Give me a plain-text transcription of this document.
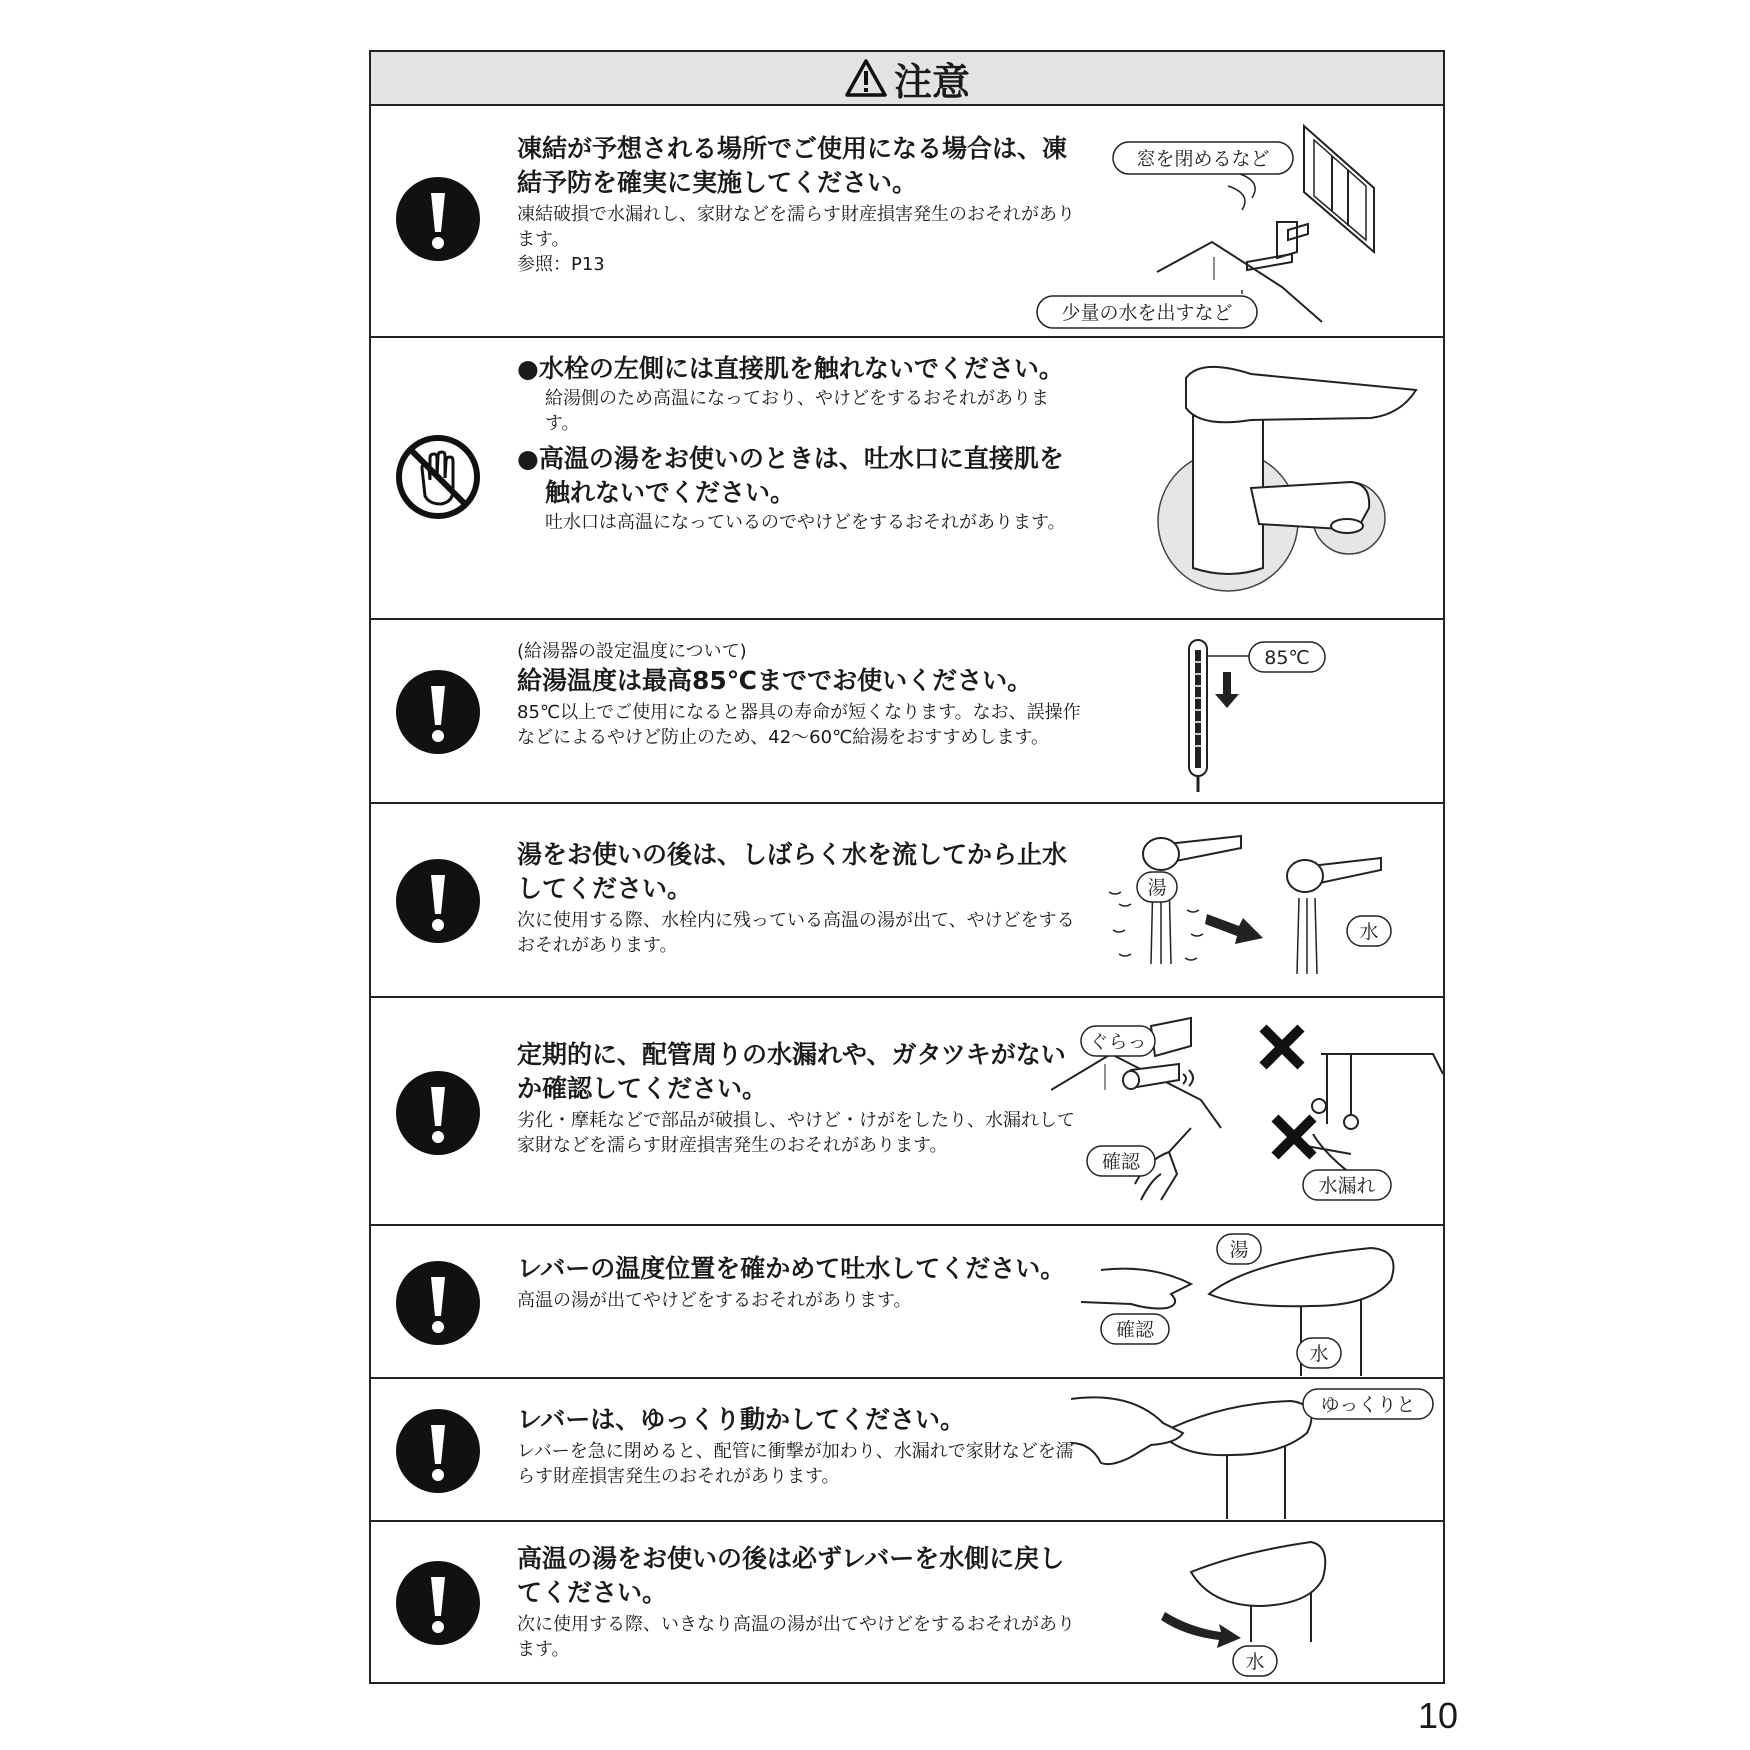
注意

凍結が予想される場所でご使用になる場合は、凍結予防を確実に実施してください。

凍結破損で水漏れし、家財などを濡らす財産損害発生のおそれがあります。

参照：P13

窓を閉めるなど
少量の水を出すなど

●水栓の左側には直接肌を触れないでください。

給湯側のため高温になっており、やけどをするおそれがあります。

●高温の湯をお使いのときは、吐水口に直接肌を触れないでください。

吐水口は高温になっているのでやけどをするおそれがあります。

(給湯器の設定温度について)

給湯温度は最高85℃まででお使いください。

85℃以上でご使用になると器具の寿命が短くなります。なお、誤操作などによるやけど防止のため、42〜60℃給湯をおすすめします。

85℃

湯をお使いの後は、しばらく水を流してから止水してください。

次に使用する際、水栓内に残っている高温の湯が出て、やけどをするおそれがあります。

湯
水

定期的に、配管周りの水漏れや、ガタツキがないか確認してください。

劣化・摩耗などで部品が破損し、やけど・けがをしたり、水漏れして家財などを濡らす財産損害発生のおそれがあります。

ぐらっ
確認
水漏れ

レバーの温度位置を確かめて吐水してください。

高温の湯が出てやけどをするおそれがあります。

湯
確認
水

レバーは、ゆっくり動かしてください。

レバーを急に閉めると、配管に衝撃が加わり、水漏れで家財などを濡らす財産損害発生のおそれがあります。

ゆっくりと

高温の湯をお使いの後は必ずレバーを水側に戻してください。

次に使用する際、いきなり高温の湯が出てやけどをするおそれがあります。

水
10
